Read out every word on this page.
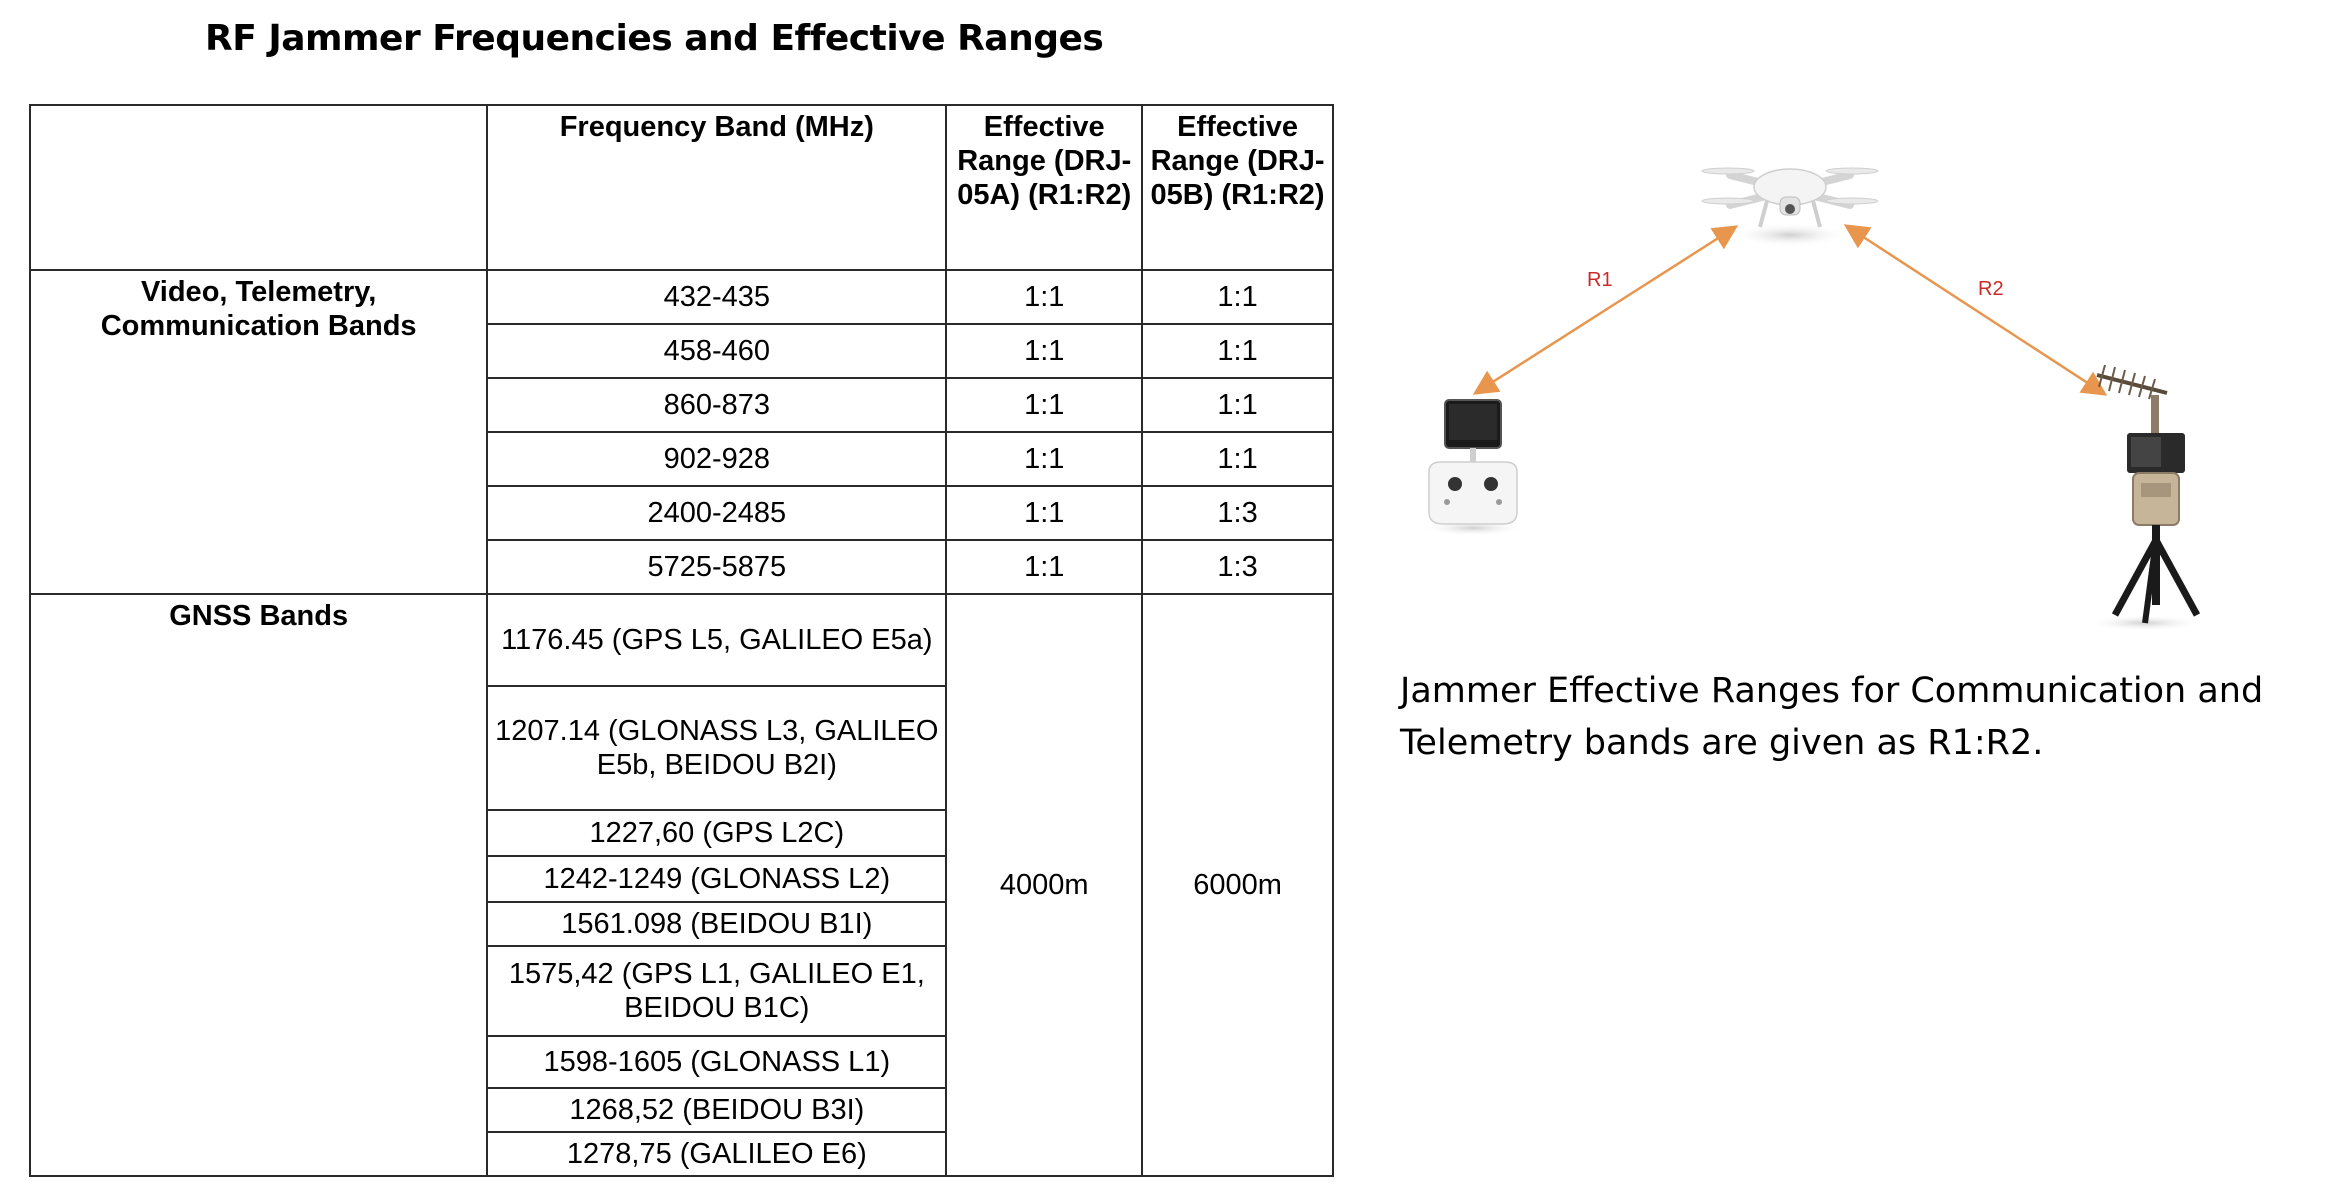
RF Jammer Frequencies and Effective Ranges
	Frequency Band (MHz)	Effective Range (DRJ-05A) (R1:R2)	Effective Range (DRJ-05B) (R1:R2)
Video, Telemetry, Communication Bands	432-435	1:1	1:1
	458-460	1:1	1:1
	860-873	1:1	1:1
	902-928	1:1	1:1
	2400-2485	1:1	1:3
	5725-5875	1:1	1:3
GNSS Bands	1176.45 (GPS L5, GALILEO E5a)	4000m	6000m
	1207.14 (GLONASS L3, GALILEO E5b, BEIDOU B2I)		
	1227,60 (GPS L2C)		
	1242-1249 (GLONASS L2)		
	1561.098 (BEIDOU B1I)		
	1575,42 (GPS L1, GALILEO E1, BEIDOU B1C)		
	1598-1605 (GLONASS L1)		
	1268,52 (BEIDOU B3I)		
	1278,75 (GALILEO E6)		
R1	R2
Jammer Effective Ranges for Communication and Telemetry bands are given as R1:R2.
